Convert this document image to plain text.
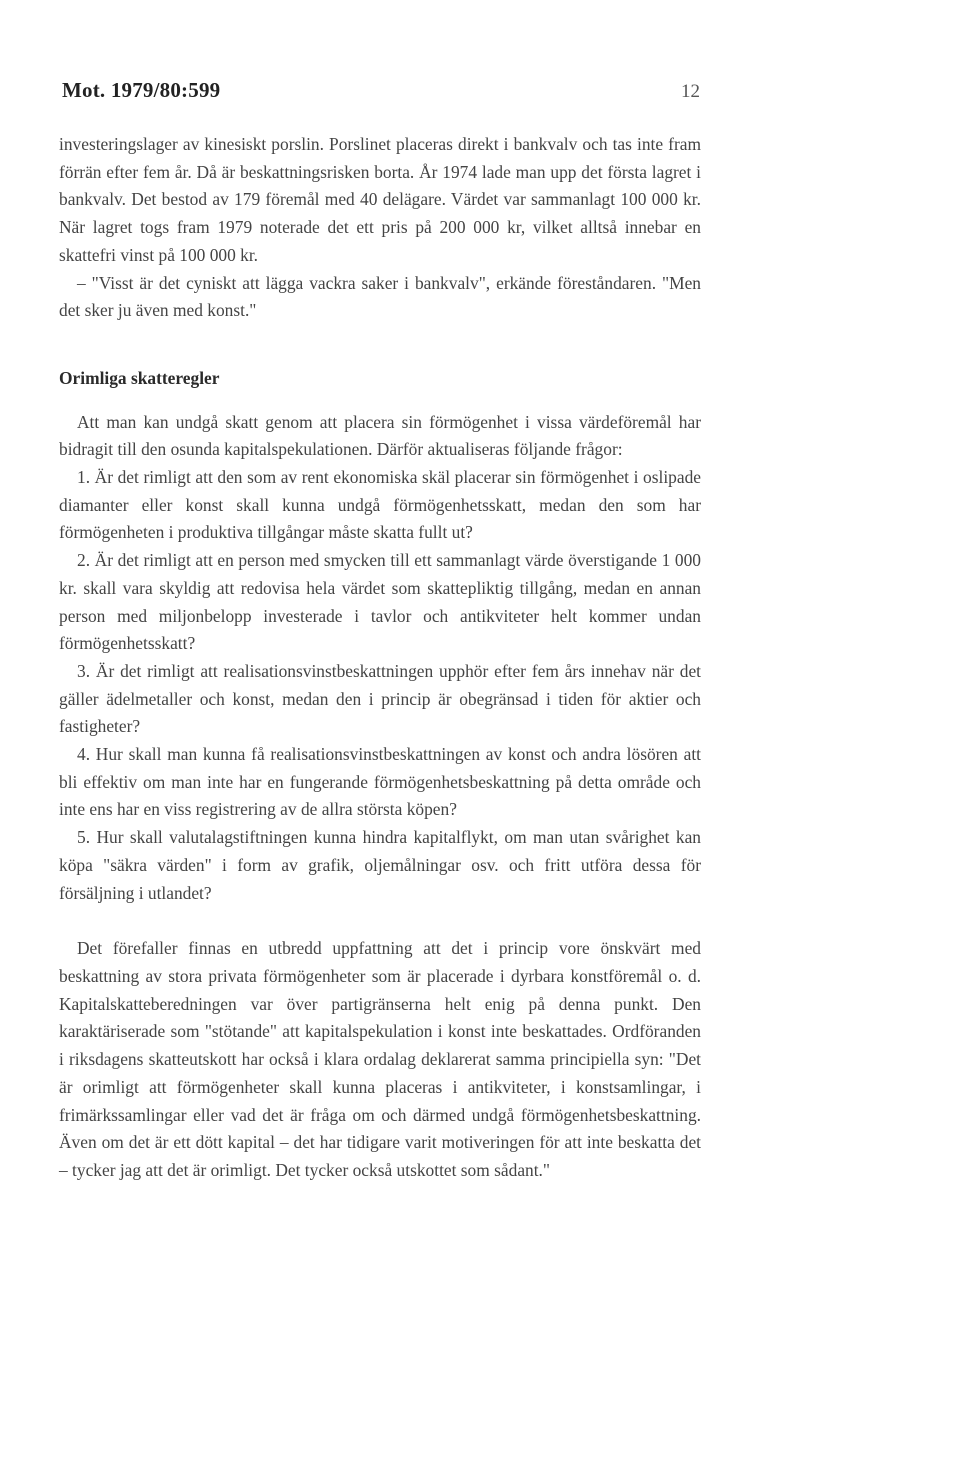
Mot. 1979/80:599	12

investeringslager av kinesiskt porslin. Porslinet placeras direkt i bankvalv och tas inte fram förrän efter fem år. Då är beskattningsrisken borta. År 1974 lade man upp det första lagret i bankvalv. Det bestod av 179 föremål med 40 delägare. Värdet var sammanlagt 100 000 kr. När lagret togs fram 1979 noterade det ett pris på 200 000 kr, vilket alltså innebar en skattefri vinst på 100 000 kr.

– "Visst är det cyniskt att lägga vackra saker i bankvalv", erkände föreståndaren. "Men det sker ju även med konst."

Orimliga skatteregler

Att man kan undgå skatt genom att placera sin förmögenhet i vissa värdeföremål har bidragit till den osunda kapitalspekulationen. Därför aktualiseras följande frågor:

1. Är det rimligt att den som av rent ekonomiska skäl placerar sin förmögenhet i oslipade diamanter eller konst skall kunna undgå förmögenhetsskatt, medan den som har förmögenheten i produktiva tillgångar måste skatta fullt ut?

2. Är det rimligt att en person med smycken till ett sammanlagt värde överstigande 1 000 kr. skall vara skyldig att redovisa hela värdet som skattepliktig tillgång, medan en annan person med miljonbelopp investerade i tavlor och antikviteter helt kommer undan förmögenhetsskatt?

3. Är det rimligt att realisationsvinstbeskattningen upphör efter fem års innehav när det gäller ädelmetaller och konst, medan den i princip är obegränsad i tiden för aktier och fastigheter?

4. Hur skall man kunna få realisationsvinstbeskattningen av konst och andra lösören att bli effektiv om man inte har en fungerande förmögenhetsbeskattning på detta område och inte ens har en viss registrering av de allra största köpen?

5. Hur skall valutalagstiftningen kunna hindra kapitalflykt, om man utan svårighet kan köpa "säkra värden" i form av grafik, oljemålningar osv. och fritt utföra dessa för försäljning i utlandet?

Det förefaller finnas en utbredd uppfattning att det i princip vore önskvärt med beskattning av stora privata förmögenheter som är placerade i dyrbara konstföremål o. d. Kapitalskatteberedningen var över partigränserna helt enig på denna punkt. Den karaktäriserade som "stötande" att kapitalspekulation i konst inte beskattades. Ordföranden i riksdagens skatteutskott har också i klara ordalag deklarerat samma principiella syn: "Det är orimligt att förmögenheter skall kunna placeras i antikviteter, i konstsamlingar, i frimärkssamlingar eller vad det är fråga om och därmed undgå förmögenhetsbeskattning. Även om det är ett dött kapital – det har tidigare varit motiveringen för att inte beskatta det – tycker jag att det är orimligt. Det tycker också utskottet som sådant."
